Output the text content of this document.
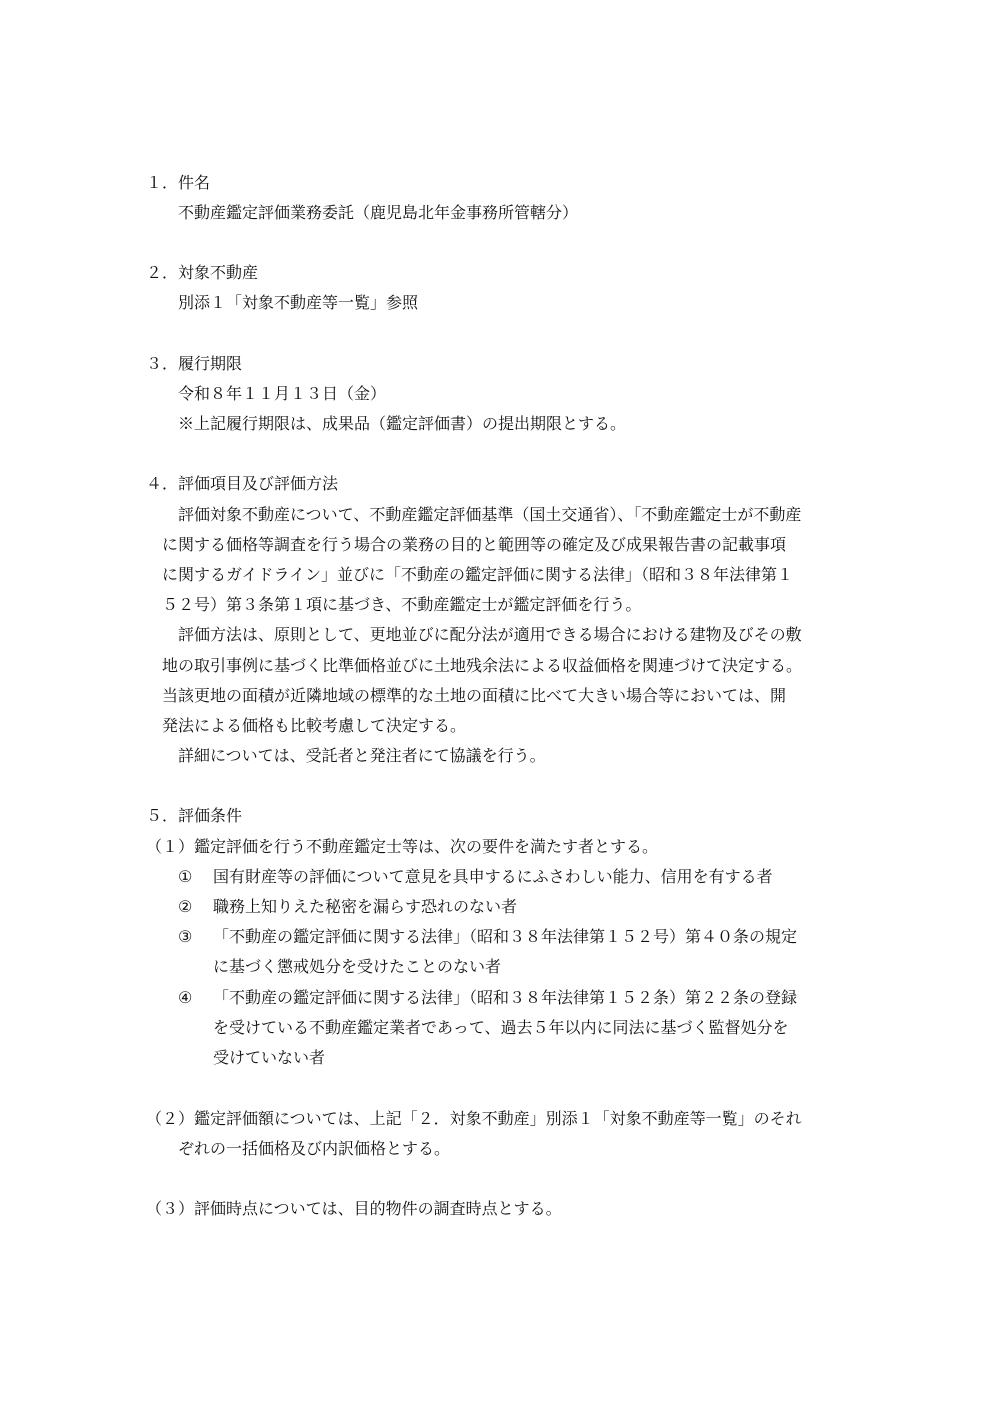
１．件名
不動産鑑定評価業務委託（鹿児島北年金事務所管轄分）
２．対象不動産
別添１「対象不動産等一覧」参照
３．履行期限
令和８年１１月１３日（金）
※上記履行期限は、成果品（鑑定評価書）の提出期限とする。
４．評価項目及び評価方法
評価対象不動産について、不動産鑑定評価基準（国土交通省）、「不動産鑑定士が不動産
に関する価格等調査を行う場合の業務の目的と範囲等の確定及び成果報告書の記載事項
に関するガイドライン」並びに「不動産の鑑定評価に関する法律」（昭和３８年法律第１
５２号）第３条第１項に基づき、不動産鑑定士が鑑定評価を行う。
評価方法は、原則として、更地並びに配分法が適用できる場合における建物及びその敷
地の取引事例に基づく比準価格並びに土地残余法による収益価格を関連づけて決定する。
当該更地の面積が近隣地域の標準的な土地の面積に比べて大きい場合等においては、開
発法による価格も比較考慮して決定する。
詳細については、受託者と発注者にて協議を行う。
５．評価条件
（１）鑑定評価を行う不動産鑑定士等は、次の要件を満たす者とする。
① 国有財産等の評価について意見を具申するにふさわしい能力、信用を有する者
② 職務上知りえた秘密を漏らす恐れのない者
③ 「不動産の鑑定評価に関する法律」（昭和３８年法律第１５２号）第４０条の規定
に基づく懲戒処分を受けたことのない者
④ 「不動産の鑑定評価に関する法律」（昭和３８年法律第１５２条）第２２条の登録
を受けている不動産鑑定業者であって、過去５年以内に同法に基づく監督処分を
受けていない者
（２）鑑定評価額については、上記「２．対象不動産」別添１「対象不動産等一覧」のそれ
ぞれの一括価格及び内訳価格とする。
（３）評価時点については、目的物件の調査時点とする。
